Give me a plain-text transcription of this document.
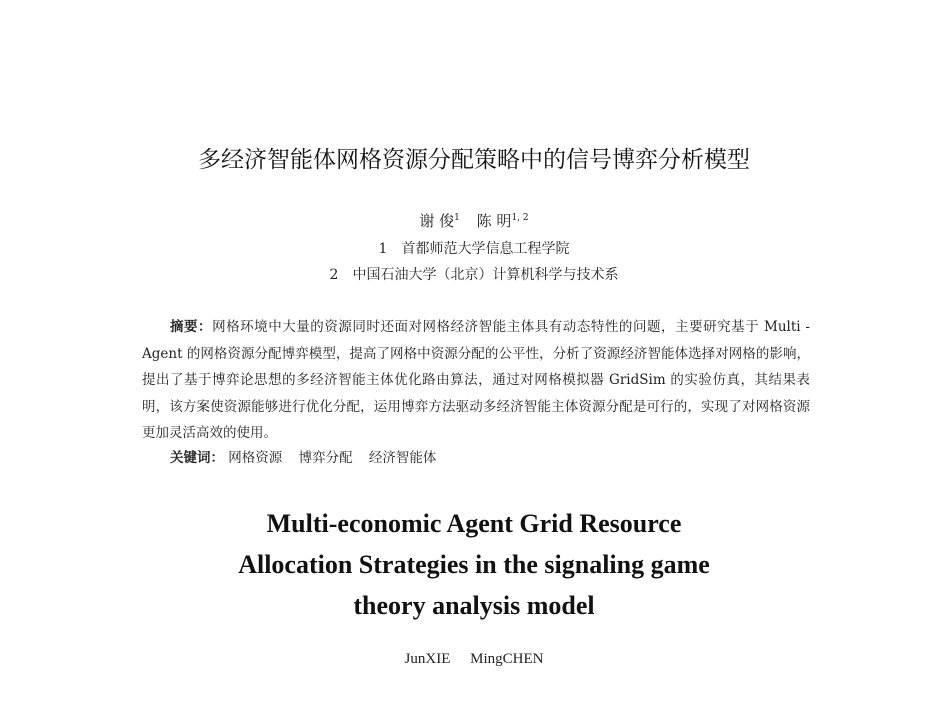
多经济智能体网格资源分配策略中的信号博弈分析模型
谢 俊$^1$ 陈 明$^{1, 2}$
1 首都师范大学信息工程学院
2 中国石油大学（北京）计算机科学与技术系
摘要：网格环境中大量的资源同时还面对网格经济智能主体具有动态特性的问题，主要研究基于 Multi - Agent 的网格资源分配博弈模型，提高了网格中资源分配的公平性，分析了资源经济智能体选择对网格的影响，提出了基于博弈论思想的多经济智能主体优化路由算法，通过对网格模拟器 GridSim 的实验仿真，其结果表明，该方案使资源能够进行优化分配，运用博弈方法驱动多经济智能主体资源分配是可行的，实现了对网格资源更加灵活高效的使用。
关键词： 网格资源 博弈分配 经济智能体
Multi-economic Agent Grid Resource
Allocation Strategies in the signaling game
theory analysis model
JunXIE MingCHEN
